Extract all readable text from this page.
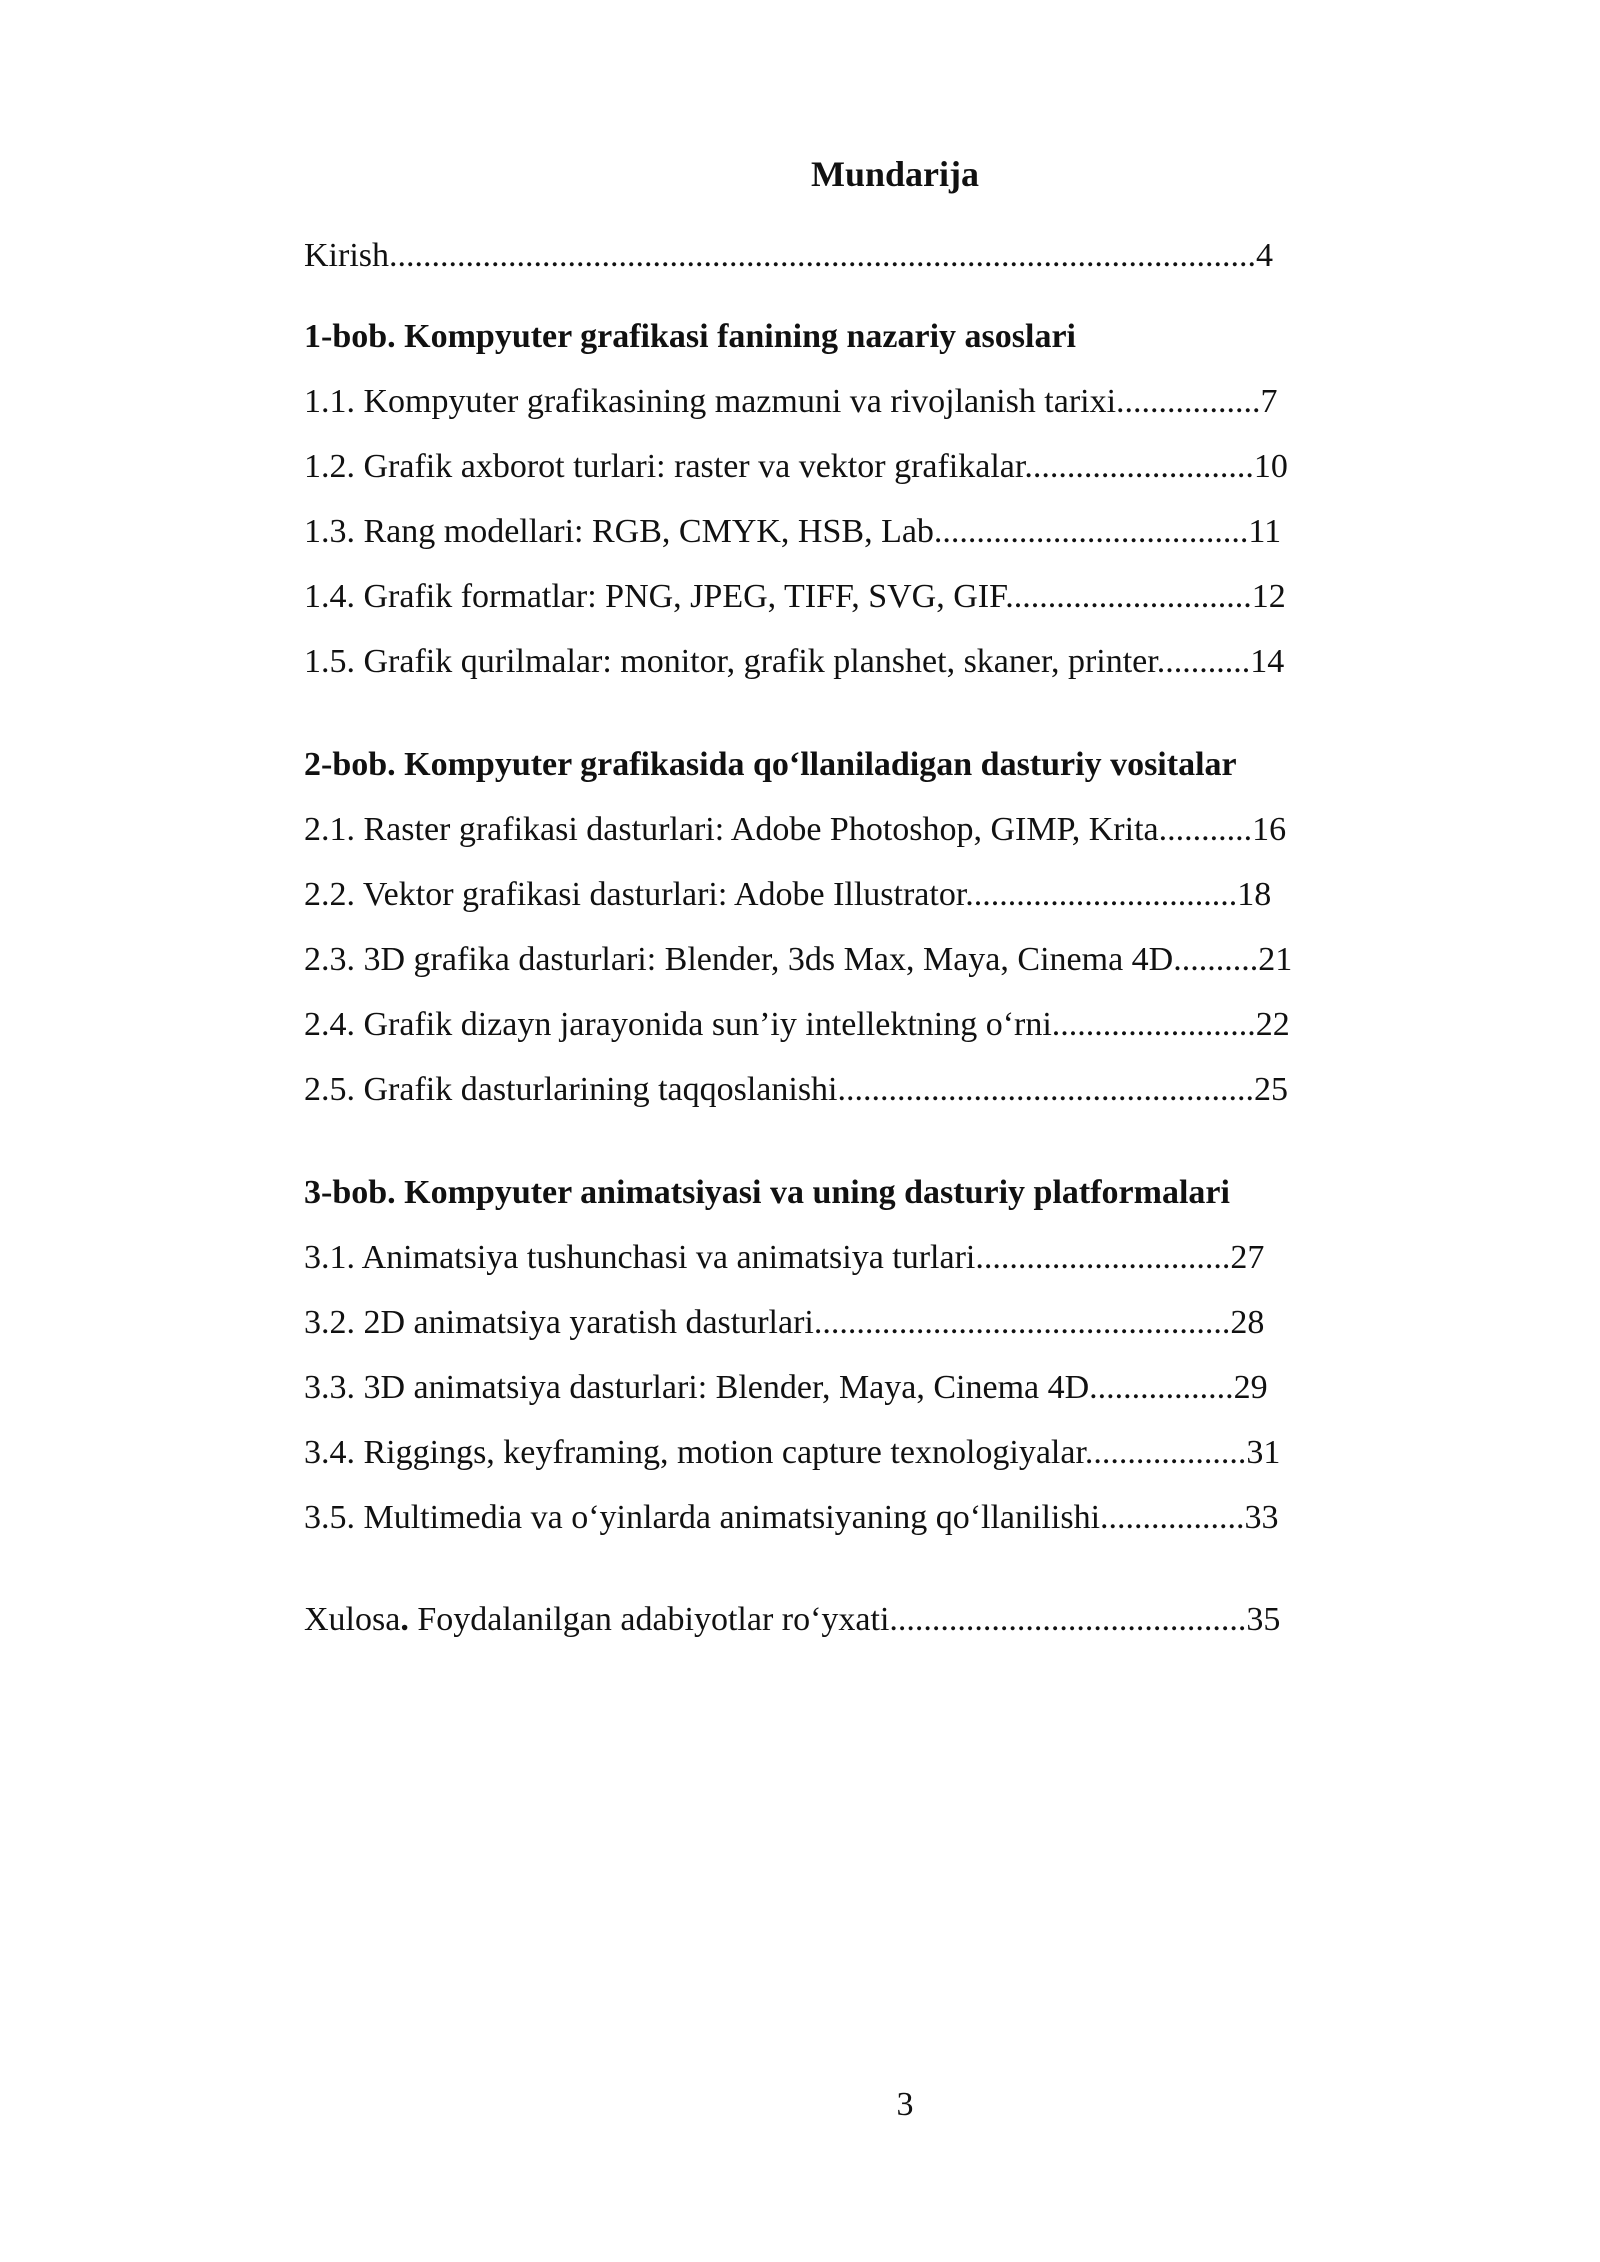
Mundarija
Kirish......................................................................................................4
1-bob. Kompyuter grafikasi fanining nazariy asoslari
1.1. Kompyuter grafikasining mazmuni va rivojlanish tarixi.................7
1.2. Grafik axborot turlari: raster va vektor grafikalar...........................10
1.3. Rang modellari: RGB, CMYK, HSB, Lab.....................................11
1.4. Grafik formatlar: PNG, JPEG, TIFF, SVG, GIF.............................12
1.5. Grafik qurilmalar: monitor, grafik planshet, skaner, printer...........14
2-bob. Kompyuter grafikasida qo‘llaniladigan dasturiy vositalar
2.1. Raster grafikasi dasturlari: Adobe Photoshop, GIMP, Krita...........16
2.2. Vektor grafikasi dasturlari: Adobe Illustrator................................18
2.3. 3D grafika dasturlari: Blender, 3ds Max, Maya, Cinema 4D..........21
2.4. Grafik dizayn jarayonida sun’iy intellektning o‘rni........................22
2.5. Grafik dasturlarining taqqoslanishi.................................................25
3-bob. Kompyuter animatsiyasi va uning dasturiy platformalari
3.1. Animatsiya tushunchasi va animatsiya turlari..............................27
3.2. 2D animatsiya yaratish dasturlari.................................................28
3.3. 3D animatsiya dasturlari: Blender, Maya, Cinema 4D.................29
3.4. Riggings, keyframing, motion capture texnologiyalar...................31
3.5. Multimedia va o‘yinlarda animatsiyaning qo‘llanilishi.................33
Xulosa. Foydalanilgan adabiyotlar ro‘yxati..........................................35
3
